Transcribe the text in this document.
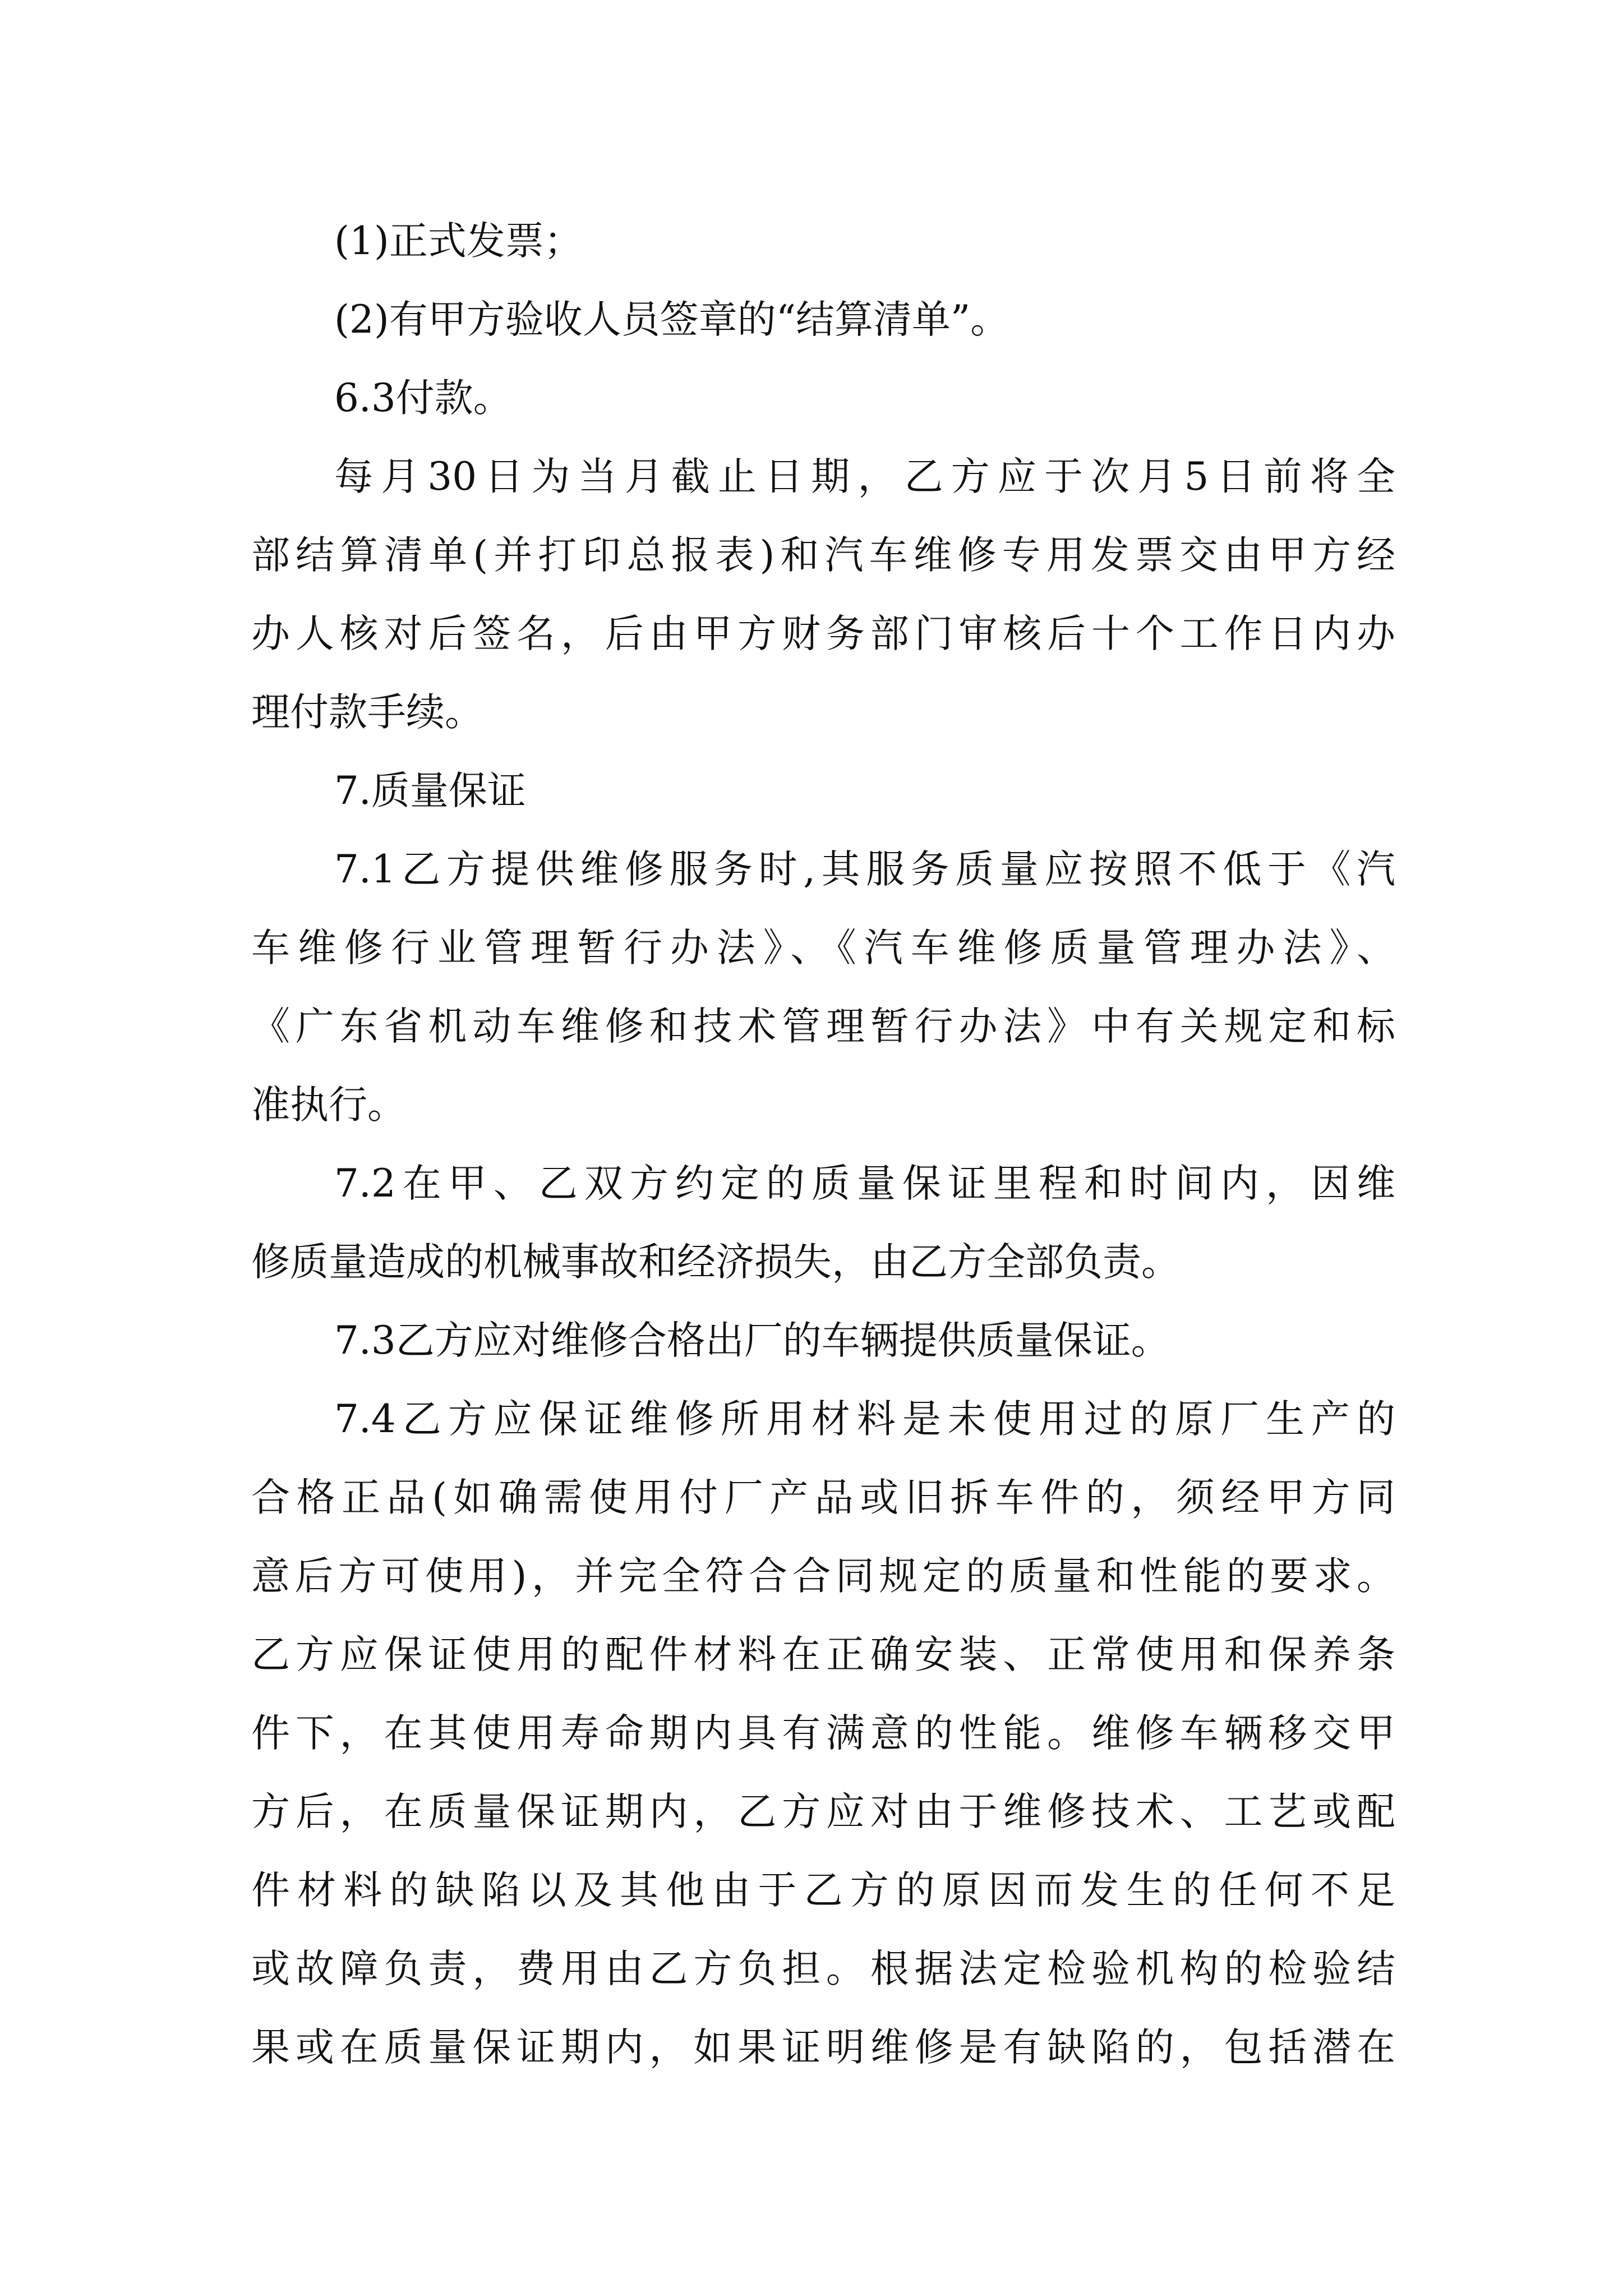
(1)正式发票；
(2)有甲方验收人员签章的“结算清单”。
6.3付款。
每月30日为当月截止日期，乙方应于次月5日前将全
部结算清单(并打印总报表)和汽车维修专用发票交由甲方经
办人核对后签名，后由甲方财务部门审核后十个工作日内办
理付款手续。
7.质量保证
7.1乙方提供维修服务时,其服务质量应按照不低于《汽
车维修行业管理暂行办法》、《汽车维修质量管理办法》、
《广东省机动车维修和技术管理暂行办法》中有关规定和标
准执行。
7.2在甲、乙双方约定的质量保证里程和时间内，因维
修质量造成的机械事故和经济损失，由乙方全部负责。
7.3乙方应对维修合格出厂的车辆提供质量保证。
7.4乙方应保证维修所用材料是未使用过的原厂生产的
合格正品(如确需使用付厂产品或旧拆车件的，须经甲方同
意后方可使用)，并完全符合合同规定的质量和性能的要求。
乙方应保证使用的配件材料在正确安装、正常使用和保养条
件下，在其使用寿命期内具有满意的性能。维修车辆移交甲
方后，在质量保证期内，乙方应对由于维修技术、工艺或配
件材料的缺陷以及其他由于乙方的原因而发生的任何不足
或故障负责，费用由乙方负担。根据法定检验机构的检验结
果或在质量保证期内，如果证明维修是有缺陷的，包括潜在
